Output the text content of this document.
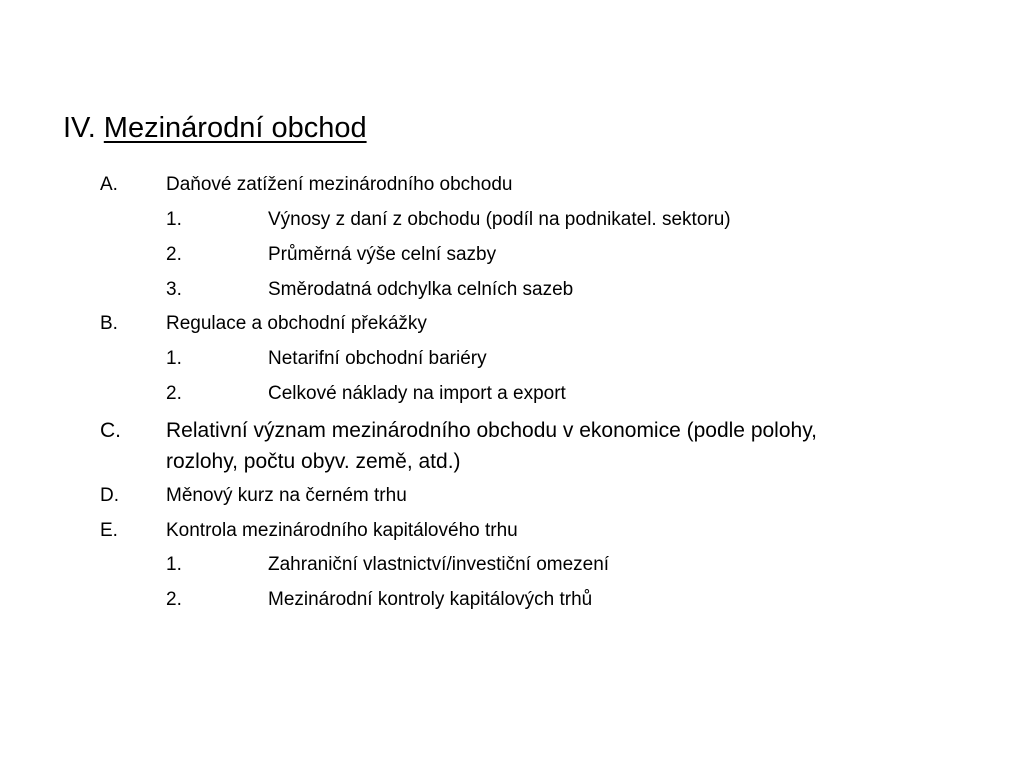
IV. Mezinárodní obchod
A.	Daňové zatížení mezinárodního obchodu
1.	Výnosy z daní z obchodu (podíl na podnikatel. sektoru)
2.	Průměrná výše celní sazby
3.	Směrodatná odchylka celních sazeb
B.	Regulace a obchodní překážky
1.	Netarifní obchodní bariéry
2.	Celkové náklady na import a export
C. Relativní význam mezinárodního obchodu v ekonomice (podle polohy,
rozlohy, počtu obyv. země, atd.)
D. Měnový kurz na černém trhu
E.	Kontrola mezinárodního kapitálového trhu
1.	Zahraniční vlastnictví/investiční omezení
2.	Mezinárodní kontroly kapitálových trhů
